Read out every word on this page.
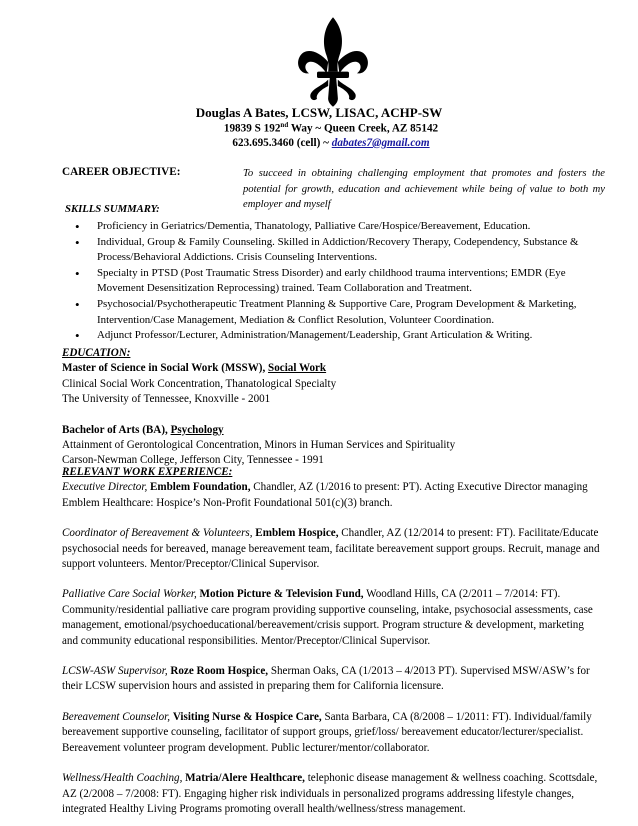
Douglas A Bates, LCSW, LISAC, ACHP-SW
19839 S 192nd Way ~ Queen Creek, AZ 85142
623.695.3460 (cell) ~ dabates7@gmail.com
CAREER OBJECTIVE:	To succeed in obtaining challenging employment that promotes and fosters the potential for growth, education and achievement while being of value to both my employer and myself
SKILLS SUMMARY:
• Proficiency in Geriatrics/Dementia, Thanatology, Palliative Care/Hospice/Bereavement, Education.
• Individual, Group & Family Counseling. Skilled in Addiction/Recovery Therapy, Codependency, Substance & Process/Behavioral Addictions. Crisis Counseling Interventions.
• Specialty in PTSD (Post Traumatic Stress Disorder) and early childhood trauma interventions; EMDR (Eye Movement Desensitization Reprocessing) trained. Team Collaboration and Treatment.
• Psychosocial/Psychotherapeutic Treatment Planning & Supportive Care, Program Development & Marketing, Intervention/Case Management, Mediation & Conflict Resolution, Volunteer Coordination.
• Adjunct Professor/Lecturer, Administration/Management/Leadership, Grant Articulation & Writing.

EDUCATION:

Master of Science in Social Work (MSSW), Social Work

Clinical Social Work Concentration, Thanatological Specialty

The University of Tennessee, Knoxville - 2001

Bachelor of Arts (BA), Psychology

Attainment of Gerontological Concentration, Minors in Human Services and Spirituality

Carson-Newman College, Jefferson City, Tennessee - 1991

RELEVANT WORK EXPERIENCE:

Executive Director, Emblem Foundation, Chandler, AZ (1/2016 to present: PT). Acting Executive Director managing Emblem Healthcare: Hospice’s Non-Profit Foundational 501(c)(3) branch.

Coordinator of Bereavement & Volunteers, Emblem Hospice, Chandler, AZ (12/2014 to present: FT). Facilitate/Educate psychosocial needs for bereaved, manage bereavement team, facilitate bereavement support groups. Recruit, manage and support volunteers. Mentor/Preceptor/Clinical Supervisor.

Palliative Care Social Worker, Motion Picture & Television Fund, Woodland Hills, CA (2/2011 – 7/2014: FT). Community/residential palliative care program providing supportive counseling, intake, psychosocial assessments, case management, emotional/psychoeducational/bereavement/crisis support. Program structure & development, marketing and community educational responsibilities. Mentor/Preceptor/Clinical Supervisor.

LCSW-ASW Supervisor, Roze Room Hospice, Sherman Oaks, CA (1/2013 – 4/2013 PT). Supervised MSW/ASW’s for their LCSW supervision hours and assisted in preparing them for California licensure.

Bereavement Counselor, Visiting Nurse & Hospice Care, Santa Barbara, CA (8/2008 – 1/2011: FT). Individual/family bereavement supportive counseling, facilitator of support groups, grief/loss/ bereavement educator/lecturer/specialist. Bereavement volunteer program development. Public lecturer/mentor/collaborator.

Wellness/Health Coaching, Matria/Alere Healthcare, telephonic disease management & wellness coaching. Scottsdale, AZ (2/2008 – 7/2008: FT). Engaging higher risk individuals in personalized programs addressing lifestyle changes, integrated Healthy Living Programs promoting overall health/wellness/stress management.
